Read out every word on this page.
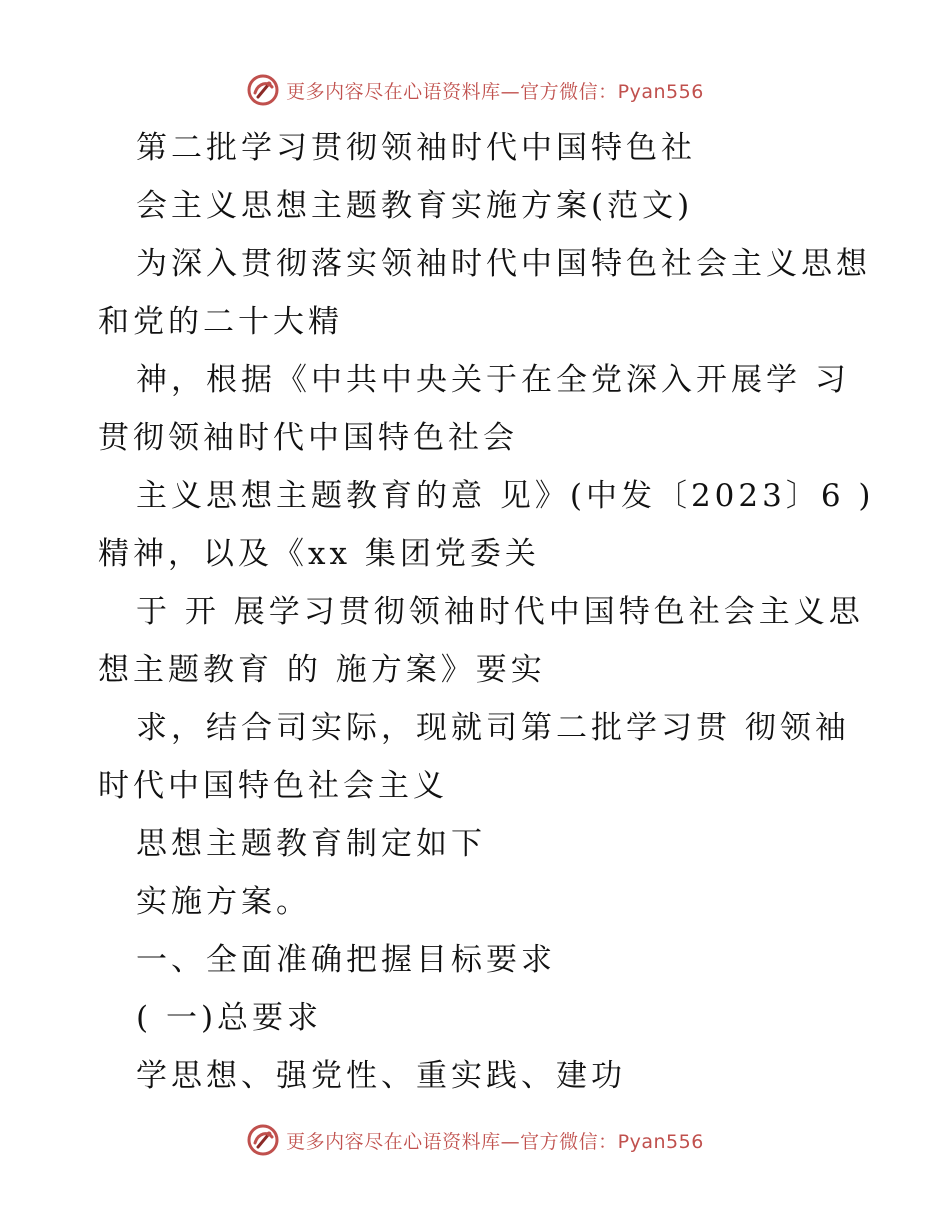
更多内容尽在心语资料库—官方微信：Pyan556
第二批学习贯彻领袖时代中国特色社
会主义思想主题教育实施方案(范文)
为深入贯彻落实领袖时代中国特色社会主义思想
和党的二十大精
神，根据《中共中央关于在全党深入开展学 习
贯彻领袖时代中国特色社会
主义思想主题教育的意 见》(中发〔2023〕6 )
精神，以及《xx 集团党委关
于 开 展学习贯彻领袖时代中国特色社会主义思
想主题教育 的 施方案》要实
求，结合司实际，现就司第二批学习贯 彻领袖
时代中国特色社会主义
思想主题教育制定如下
实施方案。
一、全面准确把握目标要求
( 一)总要求
学思想、强党性、重实践、建功
更多内容尽在心语资料库—官方微信：Pyan556
